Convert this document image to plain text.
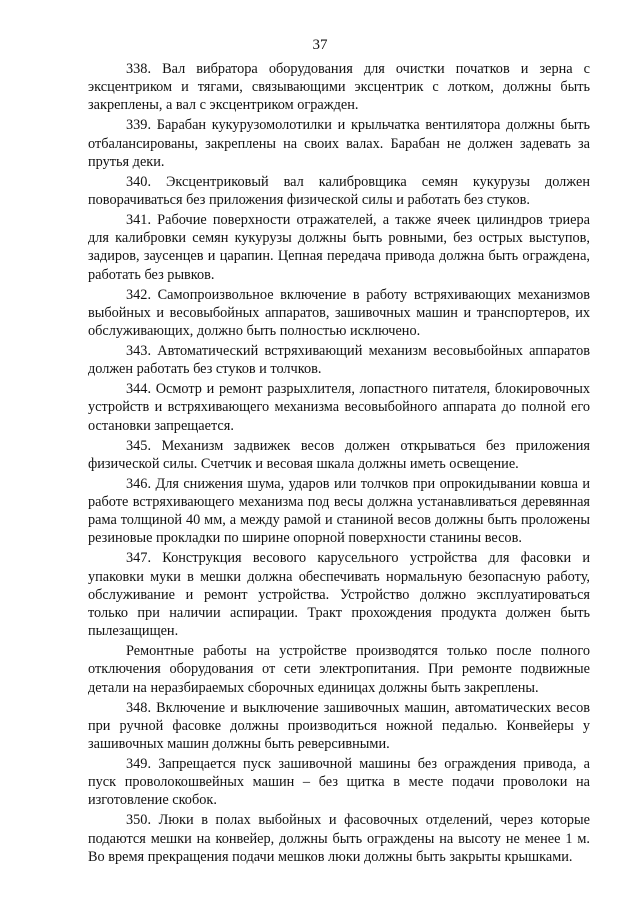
37

338. Вал вибратора оборудования для очистки початков и зерна с эксцентриком и тягами, связывающими эксцентрик с лотком, должны быть закреплены, а вал с эксцентриком огражден.

339. Барабан кукурузомолотилки и крыльчатка вентилятора должны быть отбалансированы, закреплены на своих валах. Барабан не должен задевать за прутья деки.

340. Эксцентриковый вал калибровщика семян кукурузы должен поворачиваться без приложения физической силы и работать без стуков.

341. Рабочие поверхности отражателей, а также ячеек цилиндров триера для калибровки семян кукурузы должны быть ровными, без острых выступов, задиров, заусенцев и царапин. Цепная передача привода должна быть ограждена, работать без рывков.

342. Самопроизвольное включение в работу встряхивающих механизмов выбойных и весовыбойных аппаратов, зашивочных машин и транспортеров, их обслуживающих, должно быть полностью исключено.

343. Автоматический встряхивающий механизм весовыбойных аппаратов должен работать без стуков и толчков.

344. Осмотр и ремонт разрыхлителя, лопастного питателя, блокировочных устройств и встряхивающего механизма весовыбойного аппарата до полной его остановки запрещается.

345. Механизм задвижек весов должен открываться без приложения физической силы. Счетчик и весовая шкала должны иметь освещение.

346. Для снижения шума, ударов или толчков при опрокидывании ковша и работе встряхивающего механизма под весы должна устанавливаться деревянная рама толщиной 40 мм, а между рамой и станиной весов должны быть проложены резиновые прокладки по ширине опорной поверхности станины весов.

347. Конструкция весового карусельного устройства для фасовки и упаковки муки в мешки должна обеспечивать нормальную безопасную работу, обслуживание и ремонт устройства. Устройство должно эксплуатироваться только при наличии аспирации. Тракт прохождения продукта должен быть пылезащищен.

Ремонтные работы на устройстве производятся только после полного отключения оборудования от сети электропитания. При ремонте подвижные детали на неразбираемых сборочных единицах должны быть закреплены.

348. Включение и выключение зашивочных машин, автоматических весов при ручной фасовке должны производиться ножной педалью. Конвейеры у зашивочных машин должны быть реверсивными.

349. Запрещается пуск зашивочной машины без ограждения привода, а пуск проволокошвейных машин – без щитка в месте подачи проволоки на изготовление скобок.

350. Люки в полах выбойных и фасовочных отделений, через которые подаются мешки на конвейер, должны быть ограждены на высоту не менее 1 м. Во время прекращения подачи мешков люки должны быть закрыты крышками.
